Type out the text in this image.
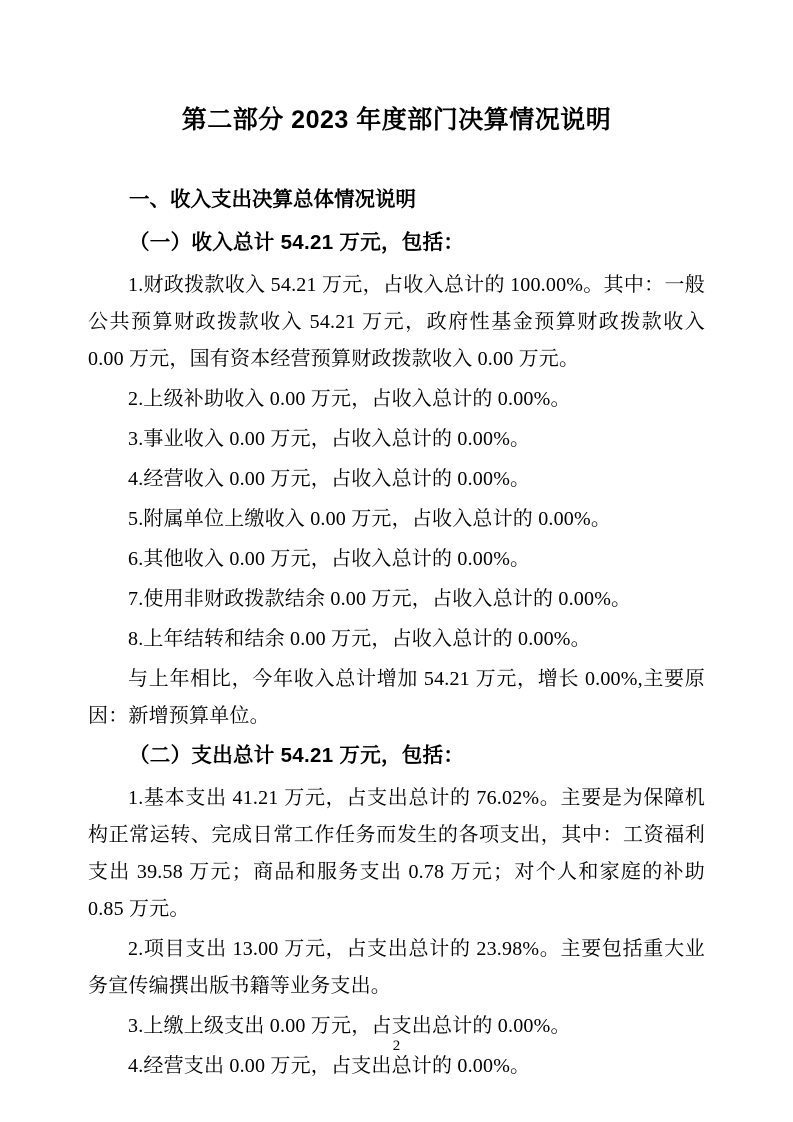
第二部分 2023 年度部门决算情况说明
一、收入支出决算总体情况说明
（一）收入总计 54.21 万元，包括：

1.财政拨款收入 54.21 万元，占收入总计的 100.00%。其中：一般公共预算财政拨款收入 54.21 万元，政府性基金预算财政拨款收入 0.00 万元，国有资本经营预算财政拨款收入 0.00 万元。

2.上级补助收入 0.00 万元，占收入总计的 0.00%。

3.事业收入 0.00 万元，占收入总计的 0.00%。

4.经营收入 0.00 万元，占收入总计的 0.00%。

5.附属单位上缴收入 0.00 万元，占收入总计的 0.00%。

6.其他收入 0.00 万元，占收入总计的 0.00%。

7.使用非财政拨款结余 0.00 万元，占收入总计的 0.00%。

8.上年结转和结余 0.00 万元，占收入总计的 0.00%。

与上年相比，今年收入总计增加 54.21 万元，增长 0.00%,主要原因：新增预算单位。

（二）支出总计 54.21 万元，包括：

1.基本支出 41.21 万元，占支出总计的 76.02%。主要是为保障机构正常运转、完成日常工作任务而发生的各项支出，其中：工资福利支出 39.58 万元；商品和服务支出 0.78 万元；对个人和家庭的补助 0.85 万元。

2.项目支出 13.00 万元，占支出总计的 23.98%。主要包括重大业务宣传编撰出版书籍等业务支出。

3.上缴上级支出 0.00 万元，占支出总计的 0.00%。

4.经营支出 0.00 万元，占支出总计的 0.00%。

2
